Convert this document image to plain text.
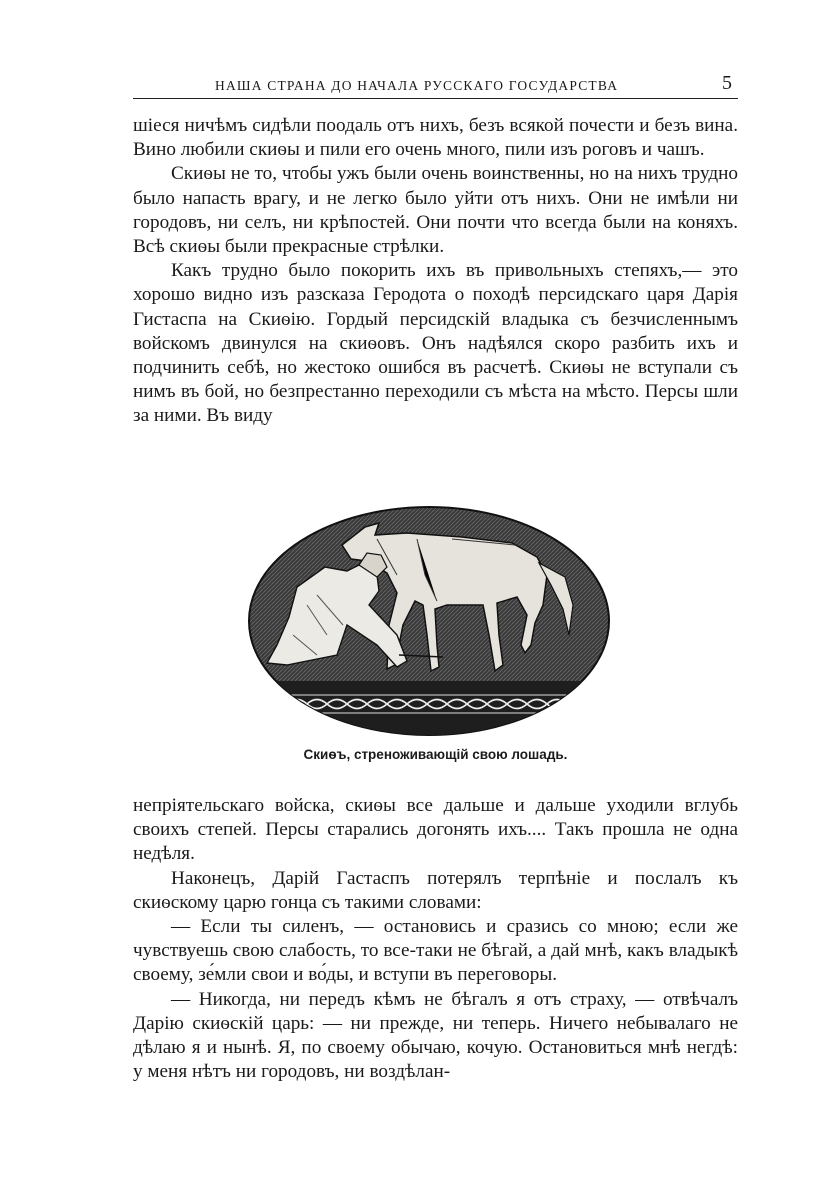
НАША СТРАНА ДО НАЧАЛА РУССКАГО ГОСУДАРСТВА	5

шіеся ничѣмъ сидѣли поодаль отъ нихъ, безъ всякой почести и безъ вина. Вино любили скиѳы и пили его очень много, пили изъ роговъ и чашъ.

Скиѳы не то, чтобы ужъ были очень воинственны, но на нихъ трудно было напасть врагу, и не легко было уйти отъ нихъ. Они не имѣли ни городовъ, ни селъ, ни крѣпостей. Они почти что всегда были на коняхъ. Всѣ скиѳы были прекрасные стрѣлки.

Какъ трудно было покорить ихъ въ привольныхъ степяхъ,— это хорошо видно изъ разсказа Геродота о походѣ персидскаго царя Дарія Гистаспа на Скиѳію. Гордый персидскій владыка съ безчисленнымъ войскомъ двинулся на скиѳовъ. Онъ надѣялся скоро разбить ихъ и подчинить себѣ, но жестоко ошибся въ расчетѣ. Скиѳы не вступали съ нимъ въ бой, но безпрестанно переходили съ мѣста на мѣсто. Персы шли за ними. Въ виду

Скиѳъ, стреноживающій свою лошадь.

непріятельскаго войска, скиѳы все дальше и дальше уходили вглубь своихъ степей. Персы старались догонять ихъ.... Такъ прошла не одна недѣля.

Наконецъ, Дарій Гастаспъ потерялъ терпѣніе и послалъ къ скиѳскому царю гонца съ такими словами:

— Если ты силенъ, — остановись и сразись со мною; если же чувствуешь свою слабость, то все-таки не бѣгай, а дай мнѣ, какъ владыкѣ своему, зе́мли свои и во́ды, и вступи въ переговоры.

— Никогда, ни передъ кѣмъ не бѣгалъ я отъ страху, — отвѣчалъ Дарію скиѳскій царь: — ни прежде, ни теперь. Ничего небывалаго не дѣлаю я и нынѣ. Я, по своему обычаю, кочую. Остановиться мнѣ негдѣ: у меня нѣтъ ни городовъ, ни воздѣлан-
